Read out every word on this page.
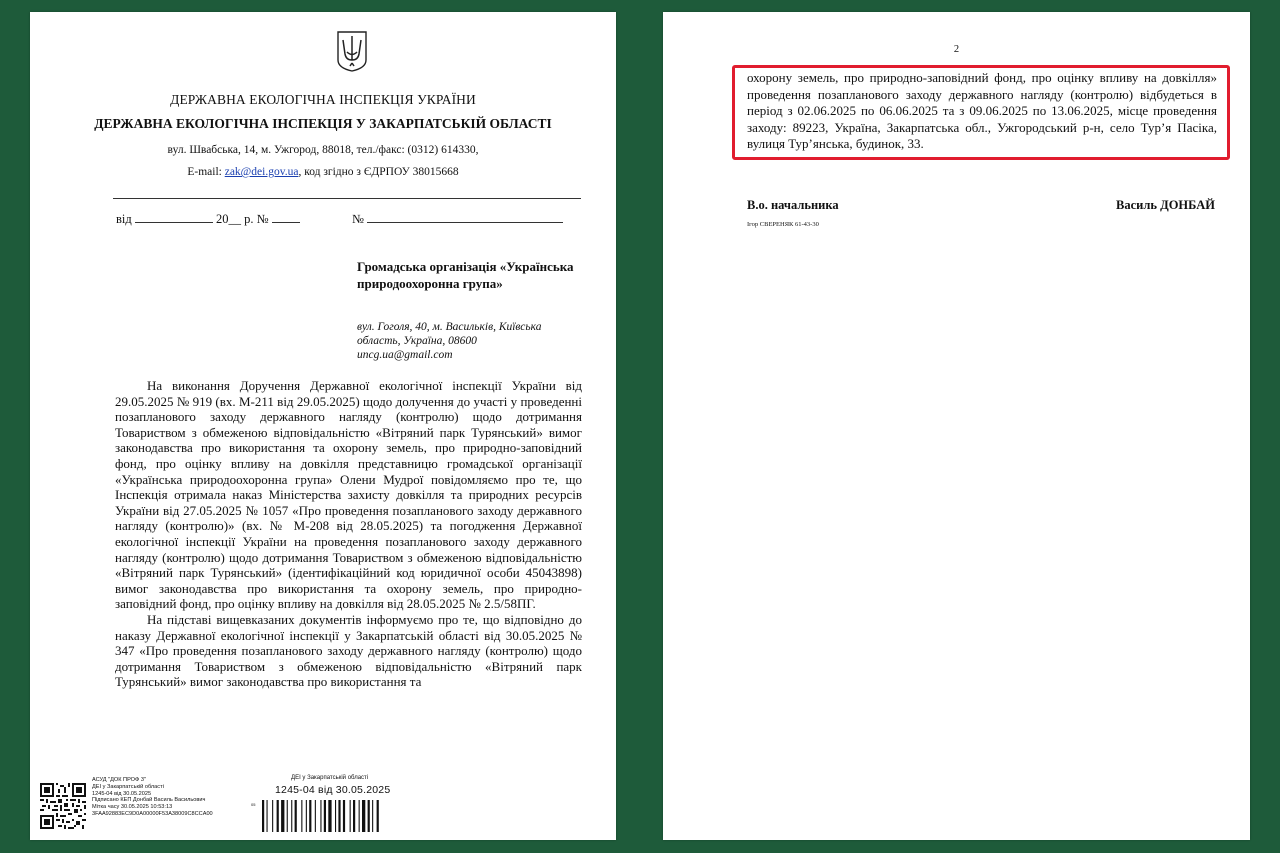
ДЕРЖАВНА ЕКОЛОГІЧНА ІНСПЕКЦІЯ УКРАЇНИ
ДЕРЖАВНА ЕКОЛОГІЧНА ІНСПЕКЦІЯ У ЗАКАРПАТСЬКІЙ ОБЛАСТІ
вул. Швабська, 14, м. Ужгород, 88018, тел./факс: (0312) 614330,
E-mail: zak@dei.gov.ua, код згідно з ЄДРПОУ 38015668
від	20__ р. №	№
Громадська організація «Українська природоохоронна група»
вул. Гоголя, 40, м. Васильків, Київська
область, Україна, 08600
uncg.ua@gmail.com

На виконання Доручення Державної екологічної інспекції України від 29.05.2025 № 919 (вх. М-211 від 29.05.2025) щодо долучення до участі у проведенні позапланового заходу державного нагляду (контролю) щодо дотримання Товариством з обмеженою відповідальністю «Вітряний парк Турянський» вимог законодавства про використання та охорону земель, про природно-заповідний фонд, про оцінку впливу на довкілля представницю громадської організації «Українська природоохоронна група» Олени Мудрої повідомляємо про те, що Інспекція отримала наказ Міністерства захисту довкілля та природних ресурсів України від 27.05.2025 № 1057 «Про проведення позапланового заходу державного нагляду (контролю)» (вх. № М-208 від 28.05.2025) та погодження Державної екологічної інспекції України на проведення позапланового заходу державного нагляду (контролю) щодо дотримання Товариством з обмеженою відповідальністю «Вітряний парк Турянський» (ідентифікаційний код юридичної особи 45043898) вимог законодавства про використання та охорону земель, про природно-заповідний фонд, про оцінку впливу на довкілля від 28.05.2025 № 2.5/58ПГ.

На підставі вищевказаних документів інформуємо про те, що відповідно до наказу Державної екологічної інспекції у Закарпатській області від 30.05.2025 № 347 «Про проведення позапланового заходу державного нагляду (контролю) щодо дотримання Товариством з обмеженою відповідальністю «Вітряний парк Турянський» вимог законодавства про використання та

АСУД "ДОК ПРОФ 3"
ДЕІ у Закарпатській області
1245-04 від 30.05.2025
Підписано КЕП Донбай Василь Васильович
Мітка часу 30.05.2025 10:53:13
3FAA92883ЕС9D0A00000F53A38009C8CCA00
ДЕІ у Закарпатській області
1245-04 від 30.05.2025
05
2

охорону земель, про природно-заповідний фонд, про оцінку впливу на довкілля» проведення позапланового заходу державного нагляду (контролю) відбудеться в період з 02.06.2025 по 06.06.2025 та з 09.06.2025 по 13.06.2025, місце проведення заходу: 89223, Україна, Закарпатська обл., Ужгородський р-н, село Тур’я Пасіка, вулиця Тур’янська, будинок, 33.

В.о. начальника	Василь ДОНБАЙ
Ігор СВЕРЕНЯК 61-43-30
